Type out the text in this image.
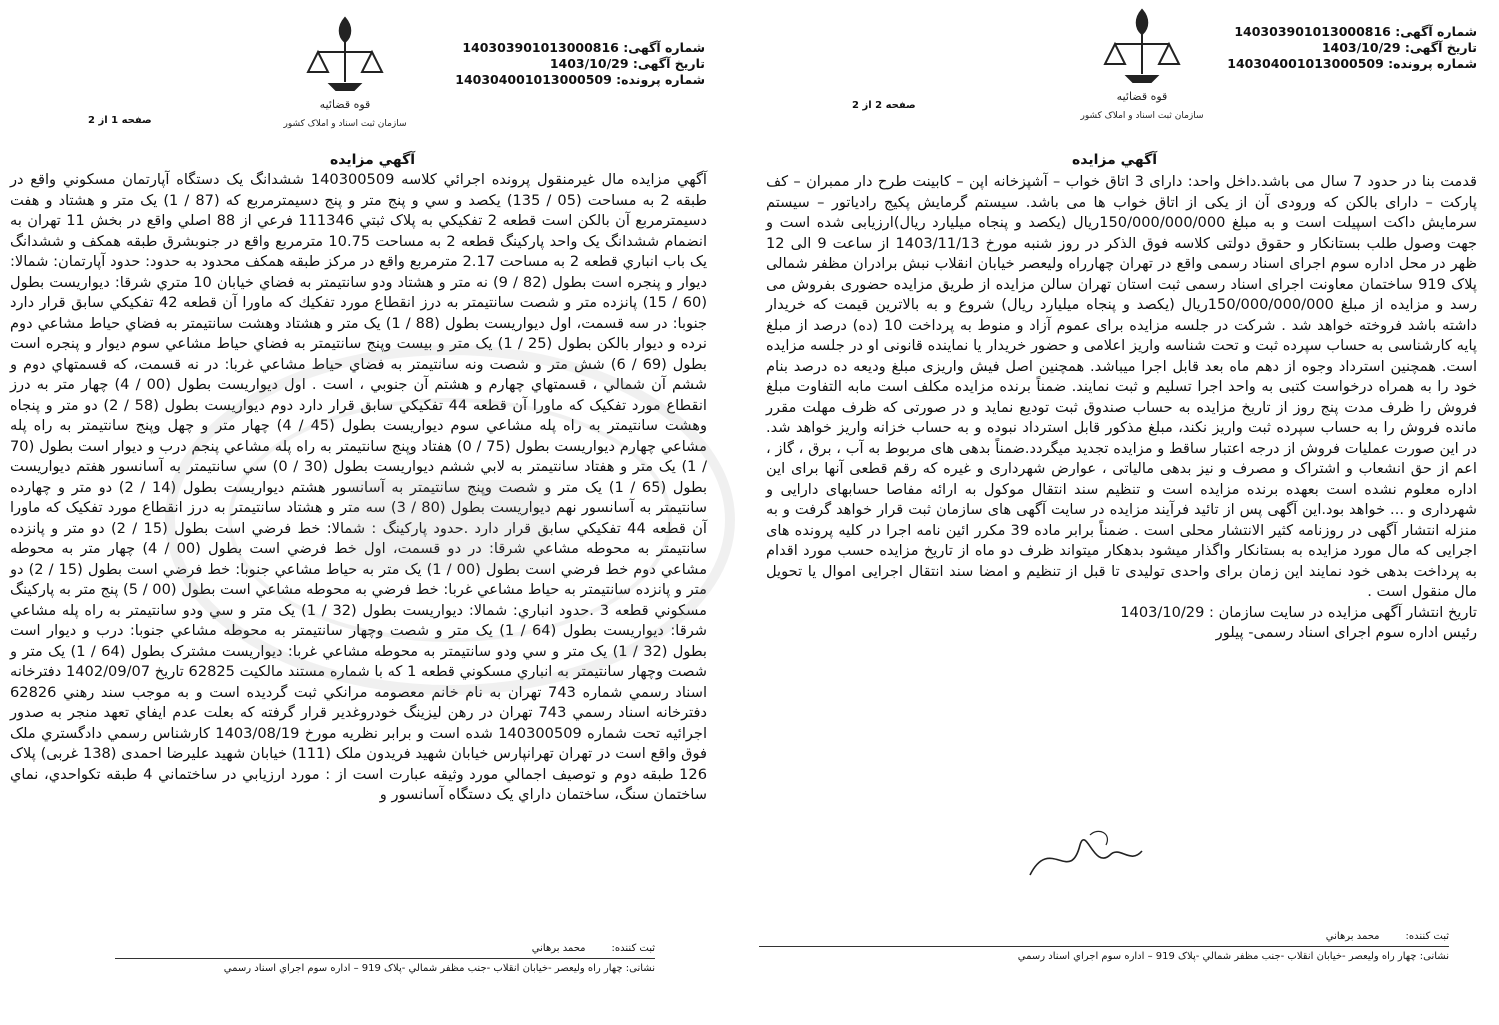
شماره آگهی: 140303901013000816
تاریخ آگهی: 1403/10/29
شماره پرونده: 140304001013000509
قوه قضائیه
سازمان ثبت اسناد و املاک کشور
صفحه 1 از 2
آگهي مزايده
آگهي مزايده مال غيرمنقول پرونده اجرائي كلاسه 140300509 ششدانگ یک دستگاه آپارتمان مسكوني واقع در طبقه 2 به مساحت (05 / 135) يكصد و سي و پنج متر و پنج دسيمترمربع كه (87 / 1) يک متر و هشتاد و هفت دسيمترمربع آن بالكن است قطعه 2 تفكيكي به پلاک ثبتي 111346 فرعي از 88 اصلي واقع در بخش 11 تهران به انضمام ششدانگ يک واحد پاركينگ قطعه 2 به مساحت 10.75 مترمربع واقع در جنوبشرق طبقه همكف و ششدانگ يک باب انباري قطعه 2 به مساحت 2.17 مترمربع واقع در مركز طبقه همكف محدود به حدود: حدود آپارتمان: شمالا: ديوار و پنجره است بطول (82 / 9) نه متر و هشتاد ودو سانتيمتر به فضاي خيابان 10 متري شرقا: ديواريست بطول (60 / 15) پانزده متر و شصت سانتيمتر به درز انقطاع مورد تفكيك كه ماورا آن قطعه 42 تفكيكي سابق قرار دارد جنوبا: در سه قسمت، اول ديواريست بطول (88 / 1) يک متر و هشتاد وهشت سانتيمتر به فضاي حياط مشاعي دوم نرده و ديوار بالكن بطول (25 / 1) يک متر و بيست وپنج سانتيمتر به فضاي حياط مشاعي سوم ديوار و پنجره است بطول (69 / 6) شش متر و شصت ونه سانتيمتر به فضاي حياط مشاعي غربا: در نه قسمت، كه قسمتهاي دوم و ششم آن شمالي ، قسمتهاي چهارم و هشتم آن جنوبي ، است . اول ديواريست بطول (00 / 4) چهار متر به درز انقطاع مورد تفكيک كه ماورا آن قطعه 44 تفكيكي سابق قرار دارد دوم ديواريست بطول (58 / 2) دو متر و پنجاه وهشت سانتيمتر به راه پله مشاعي سوم ديواريست بطول (45 / 4) چهار متر و چهل وپنج سانتيمتر به راه پله مشاعي چهارم ديواريست بطول (75 / 0) هفتاد وپنج سانتيمتر به راه پله مشاعي پنجم درب و ديوار است بطول (70 / 1) يک متر و هفتاد سانتيمتر به لابي ششم ديواريست بطول (30 / 0) سي سانتيمتر به آسانسور هفتم ديواريست بطول (65 / 1) يک متر و شصت وپنج سانتيمتر به آسانسور هشتم ديواريست بطول (14 / 2) دو متر و چهارده سانتيمتر به آسانسور نهم ديواريست بطول (80 / 3) سه متر و هشتاد سانتيمتر به درز انقطاع مورد تفكيک كه ماورا آن قطعه 44 تفكيكي سابق قرار دارد .حدود پاركينگ : شمالا: خط فرضي است بطول (15 / 2) دو متر و پانزده سانتيمتر به محوطه مشاعي شرقا: در دو قسمت، اول خط فرضي است بطول (00 / 4) چهار متر به محوطه مشاعي دوم خط فرضي است بطول (00 / 1) يک متر به حياط مشاعي جنوبا: خط فرضي است بطول (15 / 2) دو متر و پانزده سانتيمتر به حياط مشاعي غربا: خط فرضي به محوطه مشاعي است بطول (00 / 5) پنج متر به پاركينگ مسكوني قطعه 3 .حدود انباري: شمالا: ديواريست بطول (32 / 1) يک متر و سي ودو سانتيمتر به راه پله مشاعي شرقا: ديواريست بطول (64 / 1) يک متر و شصت وچهار سانتيمتر به محوطه مشاعي جنوبا: درب و ديوار است بطول (32 / 1) يک متر و سي ودو سانتيمتر به محوطه مشاعي غربا: ديواريست مشترک بطول (64 / 1) يک متر و شصت وچهار سانتيمتر به انباري مسكوني قطعه 1 كه با شماره مستند مالكيت 62825 تاريخ 1402/09/07 دفترخانه اسناد رسمي شماره 743 تهران به نام خانم معصومه مرانكي ثبت گرديده است و به موجب سند رهني 62826 دفترخانه اسناد رسمي 743 تهران در رهن ليزينگ خودروغدير قرار گرفته كه بعلت عدم ايفاي تعهد منجر به صدور اجرائيه تحت شماره 140300509 شده است و برابر نظريه مورخ 1403/08/19 كارشناس رسمي دادگستري ملک فوق واقع است در تهران تهرانپارس خيابان شهيد فريدون ملک (111) خيابان شهيد عليرضا احمدی (138 غربی) پلاک 126 طبقه دوم و توصيف اجمالي مورد وثيقه عبارت است از : مورد ارزيابي در ساختماني 4 طبقه تكواحدي، نماي ساختمان سنگ، ساختمان داراي يک دستگاه آسانسور و
ثبت كننده:
محمد برهاني
نشانی: چهار راه وليعصر -خيابان انقلاب -جنب مظفر شمالي -پلاک 919 – اداره سوم اجراي اسناد رسمي
شماره آگهی: 140303901013000816
تاریخ آگهی: 1403/10/29
شماره پرونده: 140304001013000509
قوه قضائیه
سازمان ثبت اسناد و املاک کشور
صفحه 2 از 2
آگهي مزايده
قدمت بنا در حدود 7 سال می باشد.داخل واحد: دارای 3 اتاق خواب – آشپزخانه اپن – كابينت طرح دار ممبران – كف پاركت – دارای بالكن كه ورودی آن از يكی از اتاق خواب ها می باشد. سيستم گرمايش پكيج رادياتور – سيستم سرمايش داكت اسپيلت است و به مبلغ 150/000/000/000ريال (يكصد و پنجاه ميليارد ريال)ارزيابی شده است و جهت وصول طلب بستانكار و حقوق دولتی كلاسه فوق الذكر در روز شنبه مورخ 1403/11/13 از ساعت 9 الی 12 ظهر در محل اداره سوم اجرای اسناد رسمی واقع در تهران چهارراه وليعصر خيابان انقلاب نبش برادران مظفر شمالی پلاک 919 ساختمان معاونت اجرای اسناد رسمی ثبت استان تهران سالن مزايده از طريق مزايده حضوری بفروش می رسد و مزايده از مبلغ 150/000/000/000ريال (يكصد و پنجاه ميليارد ريال) شروع و به بالاترين قيمت كه خريدار داشته باشد فروخته خواهد شد . شركت در جلسه مزايده برای عموم آزاد و منوط به پرداخت 10 (ده) درصد از مبلغ پايه كارشناسی به حساب سپرده ثبت و تحت شناسه واريز اعلامی و حضور خريدار يا نماينده قانونی او در جلسه مزايده است. همچنين استرداد وجوه از دهم ماه بعد قابل اجرا ميباشد. همچنين اصل فيش واريزی مبلغ وديعه ده درصد بنام خود را به همراه درخواست كتبی به واحد اجرا تسليم و ثبت نمايند. ضمناً برنده مزايده مكلف است مابه التفاوت مبلغ فروش را ظرف مدت پنج روز از تاريخ مزايده به حساب صندوق ثبت توديع نمايد و در صورتی كه ظرف مهلت مقرر مانده فروش را به حساب سپرده ثبت واريز نكند، مبلغ مذكور قابل استرداد نبوده و به حساب خزانه واريز خواهد شد. در اين صورت عمليات فروش از درجه اعتبار ساقط و مزايده تجديد ميگردد.ضمناً بدهی های مربوط به آب ، برق ، گاز ، اعم از حق انشعاب و اشتراک و مصرف و نيز بدهی مالياتی ، عوارض شهرداری و غيره كه رقم قطعی آنها برای اين اداره معلوم نشده است بعهده برنده مزايده است و تنظيم سند انتقال موكول به ارائه مفاصا حسابهای دارايی و شهرداری و ... خواهد بود.اين آگهی پس از تائيد فرآيند مزايده در سايت آگهی های سازمان ثبت قرار خواهد گرفت و به منزله انتشار آگهی در روزنامه كثير الانتشار محلی است . ضمناً برابر ماده 39 مكرر ائين نامه اجرا در كليه پرونده های اجرايی كه مال مورد مزايده به بستانكار واگذار ميشود بدهكار ميتواند ظرف دو ماه از تاريخ مزايده حسب مورد اقدام به پرداخت بدهی خود نمايند اين زمان برای واحدی توليدی تا قبل از تنظيم و امضا سند انتقال اجرايی اموال يا تحويل مال منقول است .
تاريخ انتشار آگهی مزايده در سايت سازمان : 1403/10/29
رئيس اداره سوم اجرای اسناد رسمی- پيلور
ثبت كننده:
محمد برهاني
نشانی: چهار راه وليعصر -خيابان انقلاب -جنب مظفر شمالي -پلاک 919 – اداره سوم اجراي اسناد رسمي
